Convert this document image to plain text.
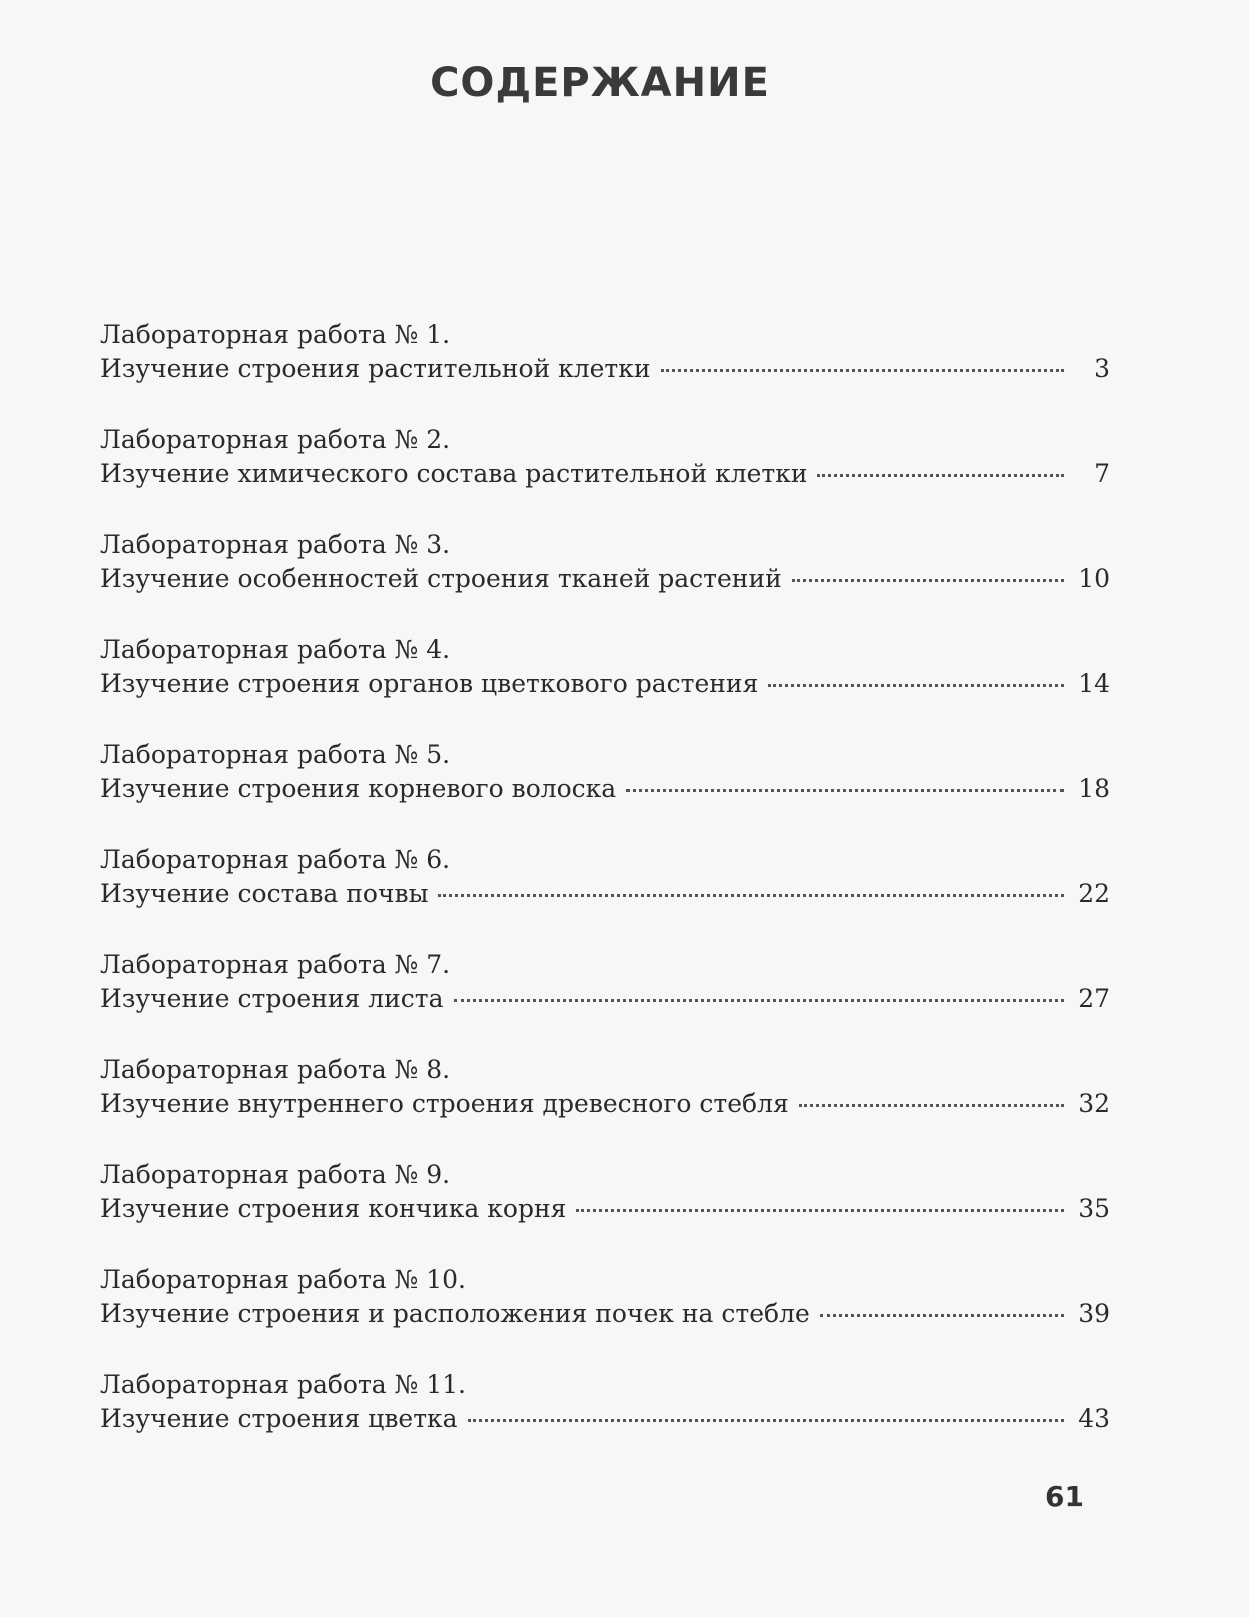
СОДЕРЖАНИЕ
Лабораторная работа № 1.
Изучение строения растительной клетки	3
Лабораторная работа № 2.
Изучение химического состава растительной клетки	7
Лабораторная работа № 3.
Изучение особенностей строения тканей растений	10
Лабораторная работа № 4.
Изучение строения органов цветкового растения	14
Лабораторная работа № 5.
Изучение строения корневого волоска	18
Лабораторная работа № 6.
Изучение состава почвы	22
Лабораторная работа № 7.
Изучение строения листа	27
Лабораторная работа № 8.
Изучение внутреннего строения древесного стебля	32
Лабораторная работа № 9.
Изучение строения кончика корня	35
Лабораторная работа № 10.
Изучение строения и расположения почек на стебле	39
Лабораторная работа № 11.
Изучение строения цветка	43
61
